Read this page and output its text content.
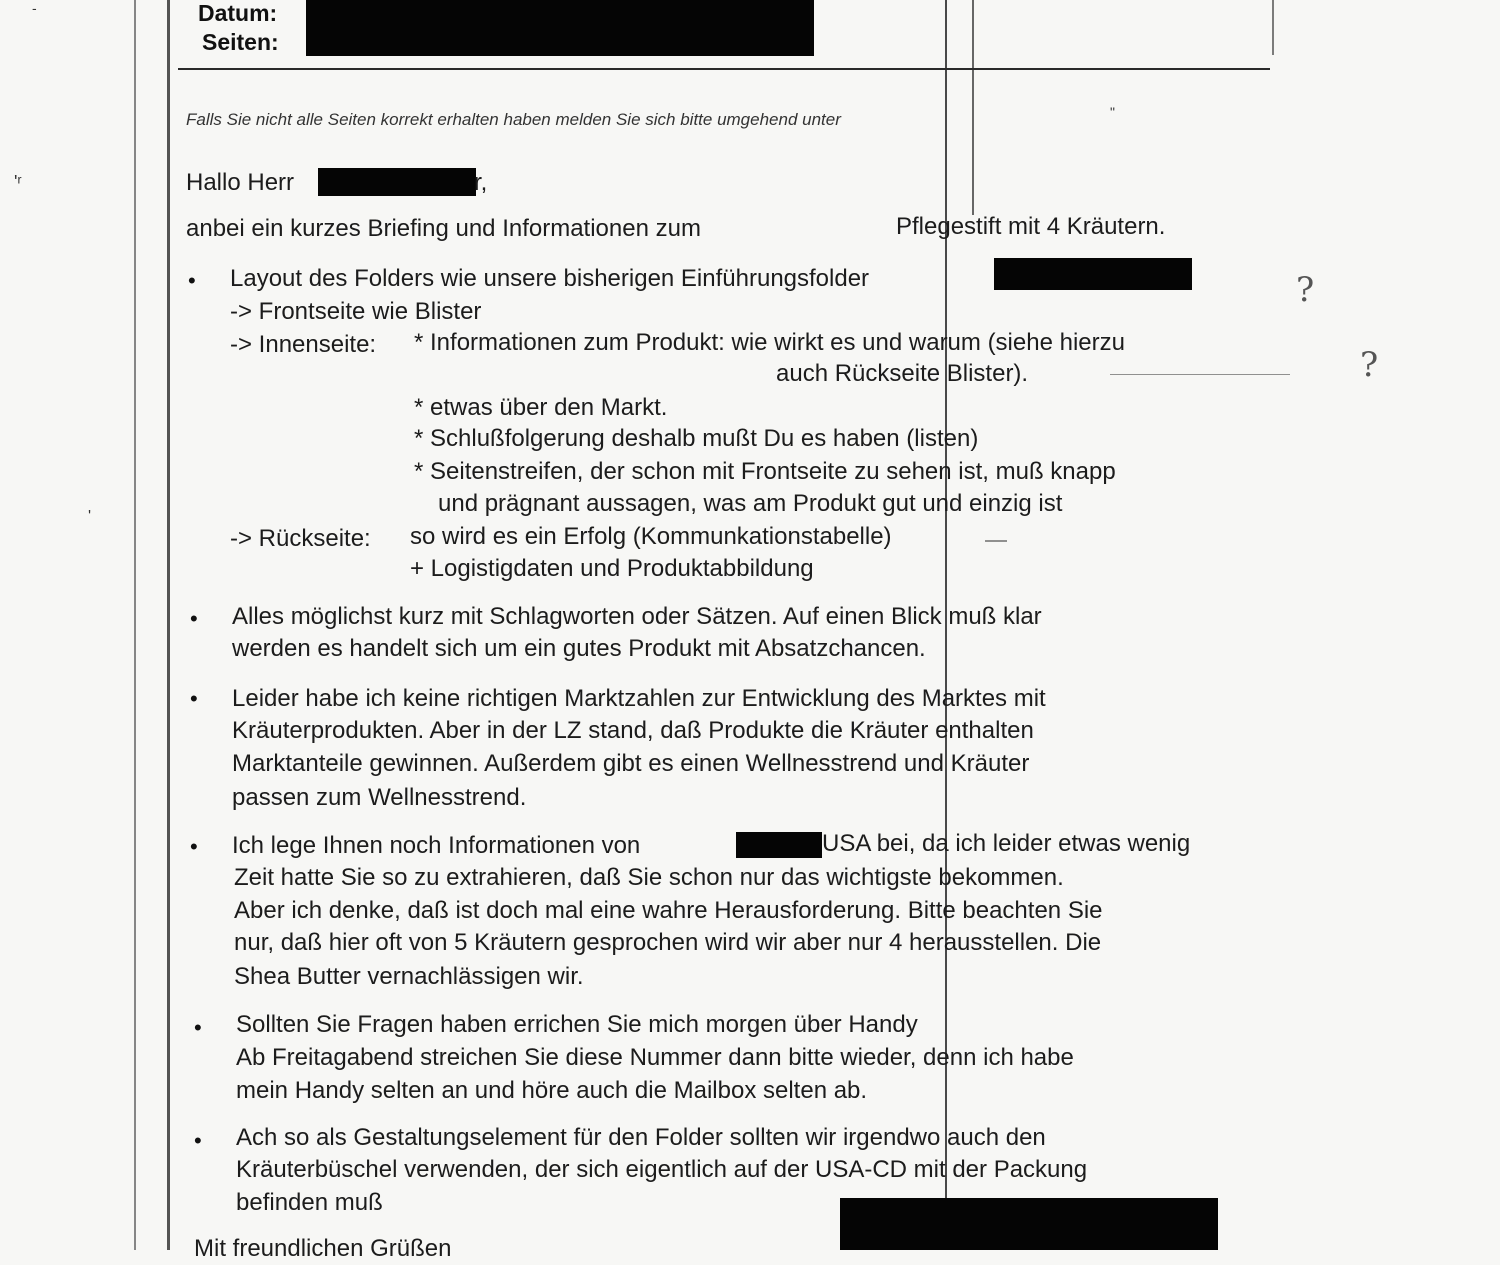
Datum:
Seiten:
Falls Sie nicht alle Seiten korrekt erhalten haben melden Sie sich bitte umgehend unter	"
Hallo Herr	r,
anbei ein kurzes Briefing und Informationen zum	Pflegestift mit 4 Kräutern.
• Layout des Folders wie unsere bisherigen Einführungsfolder
-> Frontseite wie Blister
-> Innenseite: * Informationen zum Produkt: wie wirkt es und warum (siehe hierzu
auch Rückseite Blister).
* etwas über den Markt.
* Schlußfolgerung deshalb mußt Du es haben (listen)
* Seitenstreifen, der schon mit Frontseite zu sehen ist, muß knapp
und prägnant aussagen, was am Produkt gut und einzig ist
-> Rückseite: so wird es ein Erfolg (Kommunkationstabelle)
+ Logistigdaten und Produktabbildung
?
?
• Alles möglichst kurz mit Schlagworten oder Sätzen. Auf einen Blick muß klar
werden es handelt sich um ein gutes Produkt mit Absatzchancen.
• Leider habe ich keine richtigen Marktzahlen zur Entwicklung des Marktes mit
Kräuterprodukten. Aber in der LZ stand, daß Produkte die Kräuter enthalten
Marktanteile gewinnen. Außerdem gibt es einen Wellnesstrend und Kräuter
passen zum Wellnesstrend.
• Ich lege Ihnen noch Informationen von	USA bei, da ich leider etwas wenig
Zeit hatte Sie so zu extrahieren, daß Sie schon nur das wichtigste bekommen.
Aber ich denke, daß ist doch mal eine wahre Herausforderung. Bitte beachten Sie
nur, daß hier oft von 5 Kräutern gesprochen wird wir aber nur 4 herausstellen. Die
Shea Butter vernachlässigen wir.
• Sollten Sie Fragen haben errichen Sie mich morgen über Handy
Ab Freitagabend streichen Sie diese Nummer dann bitte wieder, denn ich habe
mein Handy selten an und höre auch die Mailbox selten ab.
• Ach so als Gestaltungselement für den Folder sollten wir irgendwo auch den
Kräuterbüschel verwenden, der sich eigentlich auf der USA-CD mit der Packung
befinden muß
Mit freundlichen Grüßen
-
'ʳ
'
